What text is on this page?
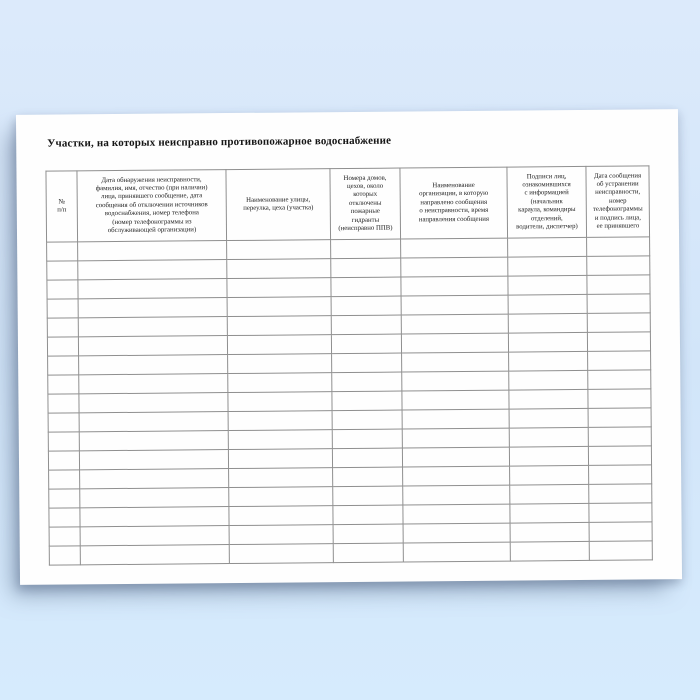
Участки, на которых неисправно противопожарное водоснабжение
№
п/п	Дата обнаружения неисправности,
фамилия, имя, отчество (при наличии)
лица, принявшего сообщение, дата
сообщения об отключении источников
водоснабжения, номер телефона
(номер телефонограммы из
обслуживающей организации)	Наименование улицы,
переулка, цеха (участка)	Номера домов,
цехов, около
которых
отключены
пожарные
гидранты
(неисправно ППВ)	Наименование
организации, в которую
направлено сообщения
о неисправности, время
направления сообщения	Подписи лиц,
ознакомившихся
с информацией
(начальник
караула, командиры
отделений,
водители, диспетчер)	Дата сообщения
об устранении
неисправности,
номер
телефонограммы
и подпись лица,
ее принявшего
